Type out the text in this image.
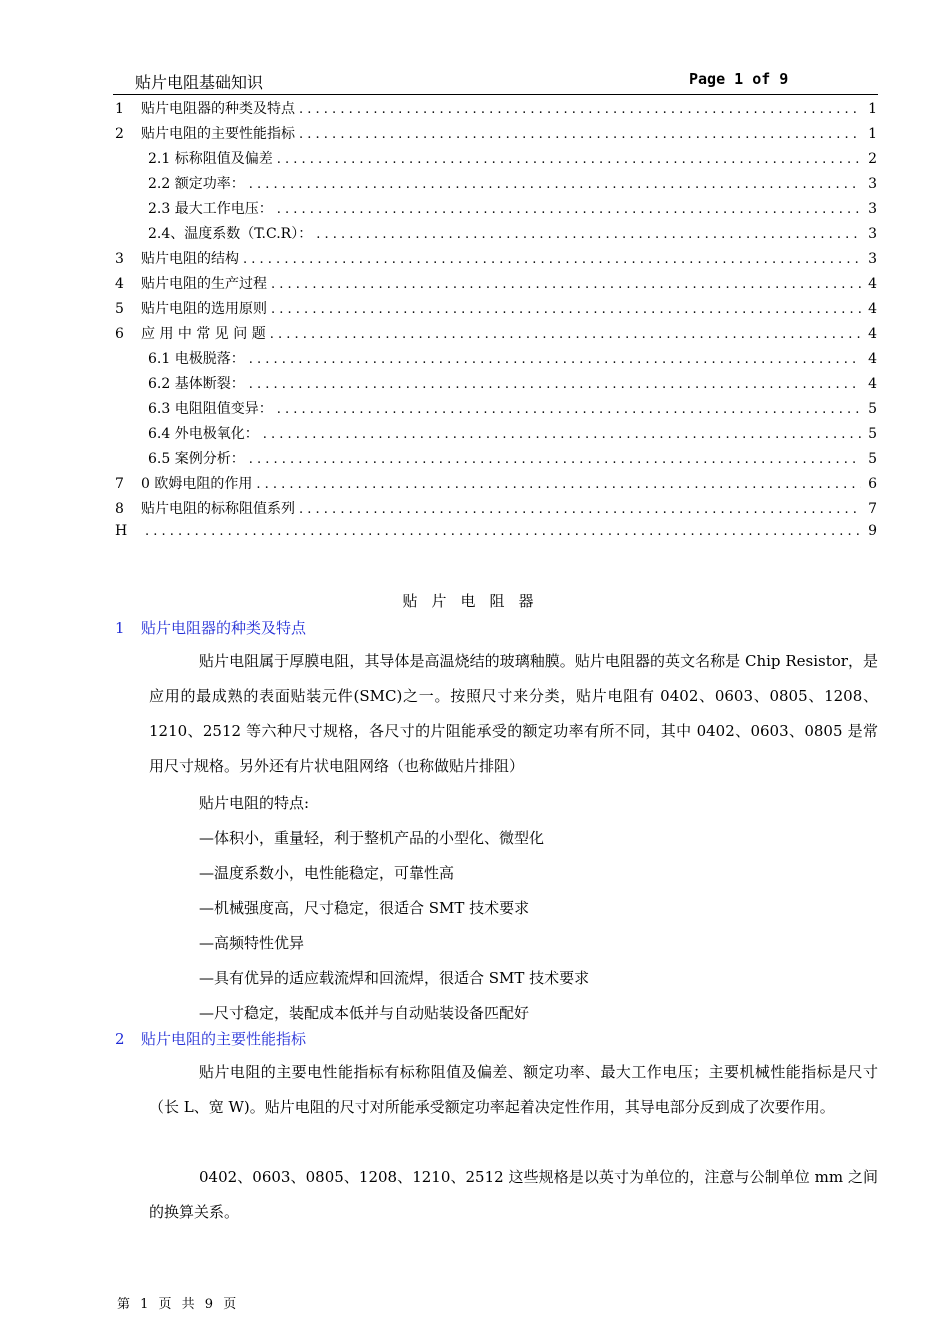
贴片电阻基础知识	Page 1 of 9
1	贴片电阻器的种类及特点 . . .	1
2	贴片电阻的主要性能指标 . . .	1
2.1 标称阻值及偏差 . . .	2
2.2 额定功率： . . .	3
2.3 最大工作电压： . . .	3
2.4、温度系数（T.C.R）： . . .	3
3	贴片电阻的结构 . . .	3
4	贴片电阻的生产过程 . . .	4
5	贴片电阻的选用原则 . . .	4
6	应 用 中 常 见 问 题 . . .	4
6.1 电极脱落： . . .	4
6.2 基体断裂： . . .	4
6.3 电阻阻值变异： . . .	5
6.4 外电极氧化： . . .	5
6.5 案例分析： . . .	5
7	0 欧姆电阻的作用 . . .	6
8	贴片电阻的标称阻值系列 . . .	7
H . . .	9
贴片电阻器
1 贴片电阻器的种类及特点
贴片电阻属于厚膜电阻，其导体是高温烧结的玻璃釉膜。贴片电阻器的英文名称是 Chip Resistor，是应用的最成熟的表面贴装元件(SMC)之一。按照尺寸来分类，贴片电阻有 0402、0603、0805、1208、1210、2512 等六种尺寸规格，各尺寸的片阻能承受的额定功率有所不同，其中 0402、0603、0805 是常用尺寸规格。另外还有片状电阻网络（也称做贴片排阻）
贴片电阻的特点:
—体积小，重量轻，利于整机产品的小型化、微型化
—温度系数小，电性能稳定，可靠性高
—机械强度高，尺寸稳定，很适合 SMT 技术要求
—高频特性优异
—具有优异的适应载流焊和回流焊，很适合 SMT 技术要求
—尺寸稳定，装配成本低并与自动贴装设备匹配好
2 贴片电阻的主要性能指标
贴片电阻的主要电性能指标有标称阻值及偏差、额定功率、最大工作电压；主要机械性能指标是尺寸（长 L、宽 W)。贴片电阻的尺寸对所能承受额定功率起着决定性作用，其导电部分反到成了次要作用。
0402、0603、0805、1208、1210、2512 这些规格是以英寸为单位的，注意与公制单位 mm 之间的换算关系。
第 1 页 共 9 页
